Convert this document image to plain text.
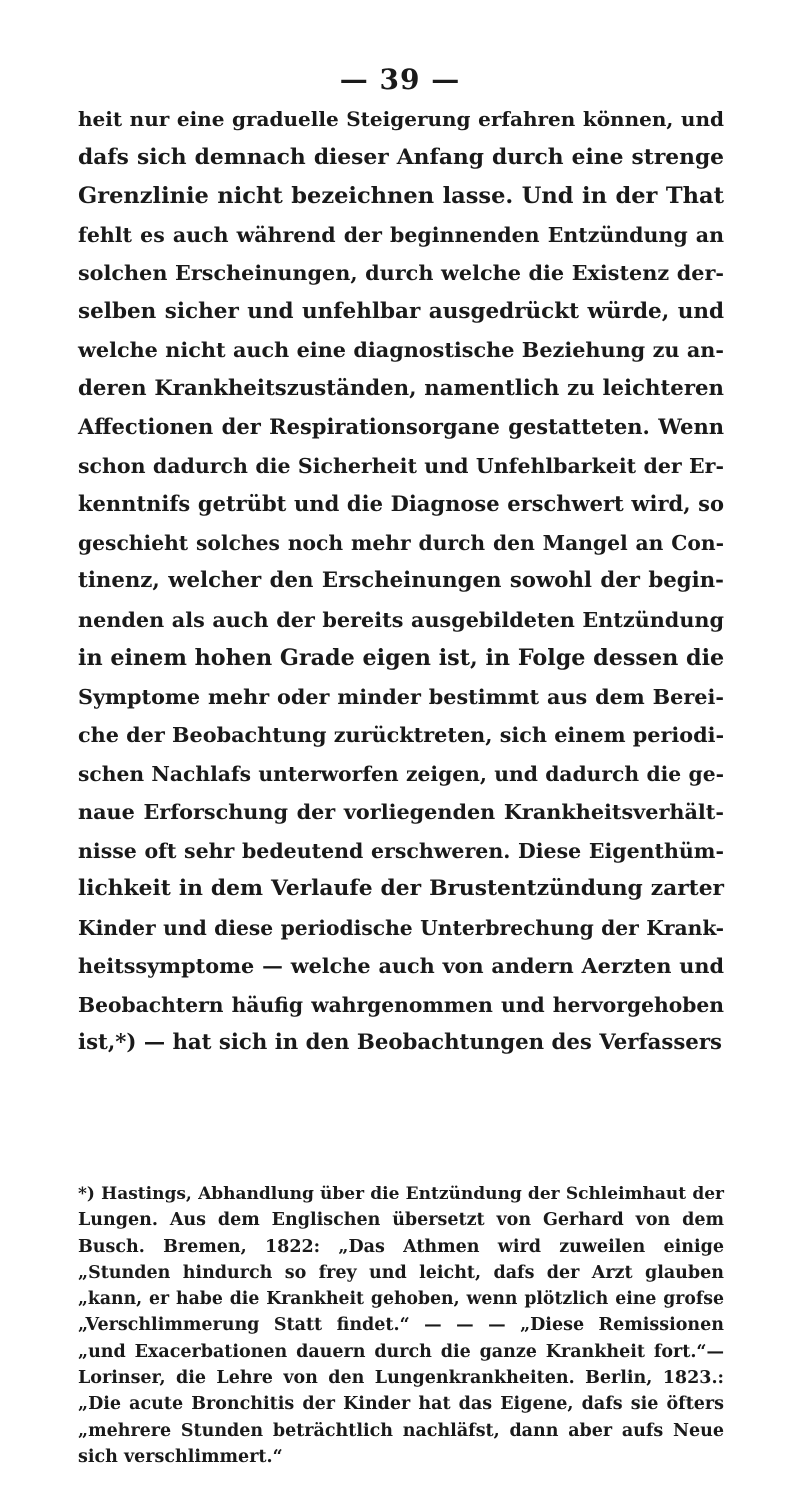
— 39 —
heit nur eine graduelle Steigerung erfahren können, und
dafs sich demnach dieser Anfang durch eine strenge
Grenzlinie nicht bezeichnen lasse. Und in der That
fehlt es auch während der beginnenden Entzündung an
solchen Erscheinungen, durch welche die Existenz der-
selben sicher und unfehlbar ausgedrückt würde, und
welche nicht auch eine diagnostische Beziehung zu an-
deren Krankheitszuständen, namentlich zu leichteren
Affectionen der Respirationsorgane gestatteten. Wenn
schon dadurch die Sicherheit und Unfehlbarkeit der Er-
kenntnifs getrübt und die Diagnose erschwert wird, so
geschieht solches noch mehr durch den Mangel an Con-
tinenz, welcher den Erscheinungen sowohl der begin-
nenden als auch der bereits ausgebildeten Entzündung
in einem hohen Grade eigen ist, in Folge dessen die
Symptome mehr oder minder bestimmt aus dem Berei-
che der Beobachtung zurücktreten, sich einem periodi-
schen Nachlafs unterworfen zeigen, und dadurch die ge-
naue Erforschung der vorliegenden Krankheitsverhält-
nisse oft sehr bedeutend erschweren. Diese Eigenthüm-
lichkeit in dem Verlaufe der Brustentzündung zarter
Kinder und diese periodische Unterbrechung der Krank-
heitssymptome — welche auch von andern Aerzten und
Beobachtern häufig wahrgenommen und hervorgehoben
ist,*) — hat sich in den Beobachtungen des Verfassers
*) Hastings, Abhandlung über die Entzündung der Schleimhaut der
Lungen. Aus dem Englischen übersetzt von Gerhard von dem
Busch. Bremen, 1822: „Das Athmen wird zuweilen einige
„Stunden hindurch so frey und leicht, dafs der Arzt glauben
„kann, er habe die Krankheit gehoben, wenn plötzlich eine grofse
„Verschlimmerung Statt findet.“ — — — „Diese Remissionen
„und Exacerbationen dauern durch die ganze Krankheit fort.“—
Lorinser, die Lehre von den Lungenkrankheiten. Berlin, 1823.:
„Die acute Bronchitis der Kinder hat das Eigene, dafs sie öfters
„mehrere Stunden beträchtlich nachläfst, dann aber aufs Neue
sich verschlimmert.“
